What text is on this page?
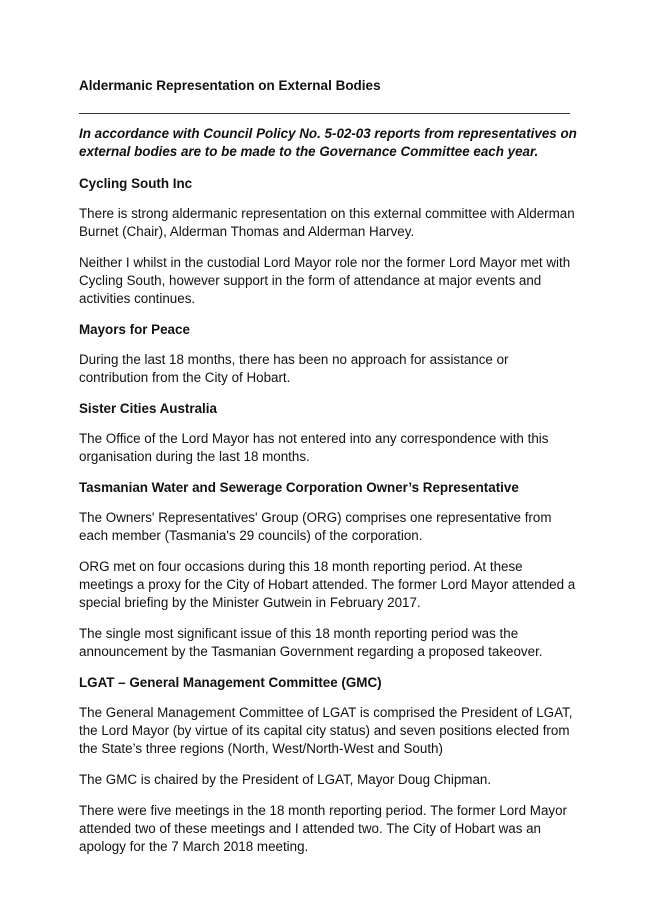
Aldermanic Representation on External Bodies

In accordance with Council Policy No. 5-02-03 reports from representatives on external bodies are to be made to the Governance Committee each year.

Cycling South Inc

There is strong aldermanic representation on this external committee with Alderman Burnet (Chair), Alderman Thomas and Alderman Harvey.

Neither I whilst in the custodial Lord Mayor role nor the former Lord Mayor met with Cycling South, however support in the form of attendance at major events and activities continues.

Mayors for Peace

During the last 18 months, there has been no approach for assistance or contribution from the City of Hobart.

Sister Cities Australia

The Office of the Lord Mayor has not entered into any correspondence with this organisation during the last 18 months.

Tasmanian Water and Sewerage Corporation Owner’s Representative

The Owners' Representatives' Group (ORG) comprises one representative from each member (Tasmania's 29 councils) of the corporation.

ORG met on four occasions during this 18 month reporting period. At these meetings a proxy for the City of Hobart attended. The former Lord Mayor attended a special briefing by the Minister Gutwein in February 2017.

The single most significant issue of this 18 month reporting period was the announcement by the Tasmanian Government regarding a proposed takeover.

LGAT – General Management Committee (GMC)

The General Management Committee of LGAT is comprised the President of LGAT, the Lord Mayor (by virtue of its capital city status) and seven positions elected from the State’s three regions (North, West/North-West and South)

The GMC is chaired by the President of LGAT, Mayor Doug Chipman.

There were five meetings in the 18 month reporting period. The former Lord Mayor attended two of these meetings and I attended two. The City of Hobart was an apology for the 7 March 2018 meeting.
